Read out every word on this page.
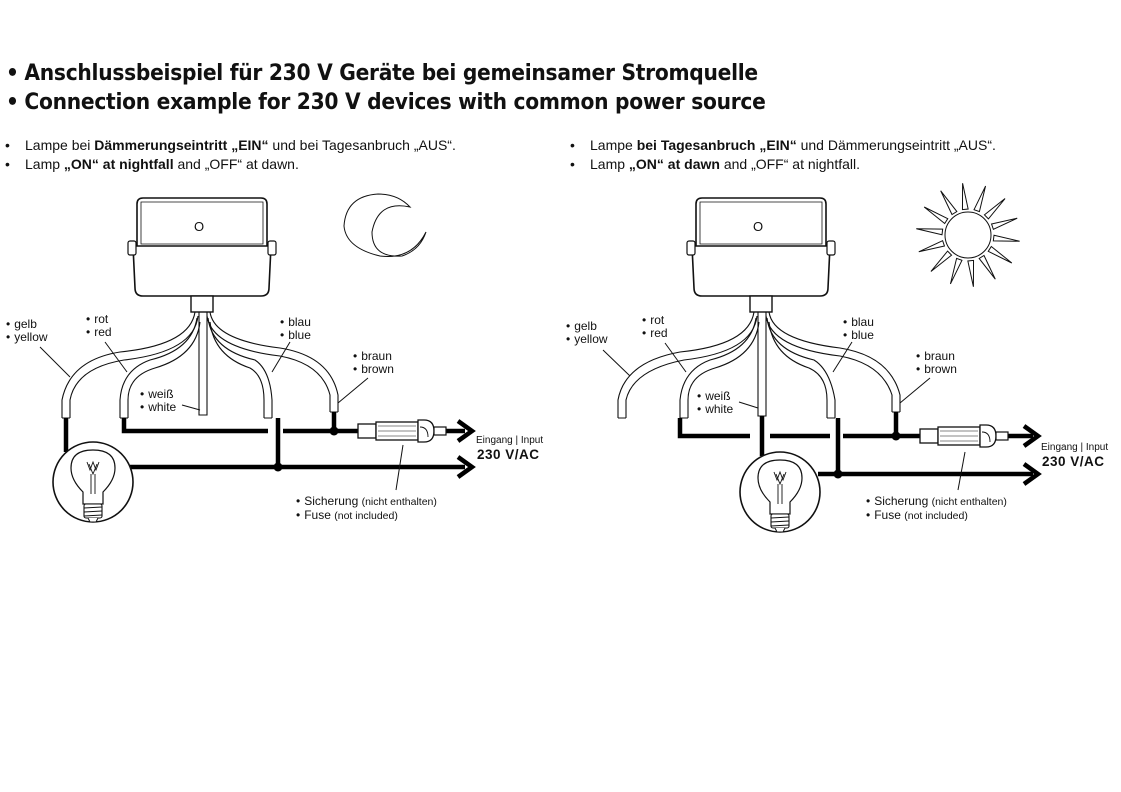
• Anschlussbeispiel für 230 V Geräte bei gemeinsamer Stromquelle
• Connection example for 230 V devices with common power source
• Lampe bei Dämmerungseintritt „EIN“ und bei Tagesanbruch „AUS“.
• Lamp „ON“ at nightfall and „OFF“ at dawn.
• Lampe bei Tagesanbruch „EIN“ und Dämmerungseintritt „AUS“.
• Lamp „ON“ at dawn and „OFF“ at nightfall.
• gelb
• yellow
• rot
• red
• weiß
• white
• blau
• blue
• braun
• brown
• Sicherung (nicht enthalten)
• Fuse (not included)
Eingang | Input
230 V/AC
O
• gelb
• yellow
• rot
• red
• weiß
• white
• blau
• blue
• braun
• brown
• Sicherung (nicht enthalten)
• Fuse (not included)
Eingang | Input
230 V/AC
O
